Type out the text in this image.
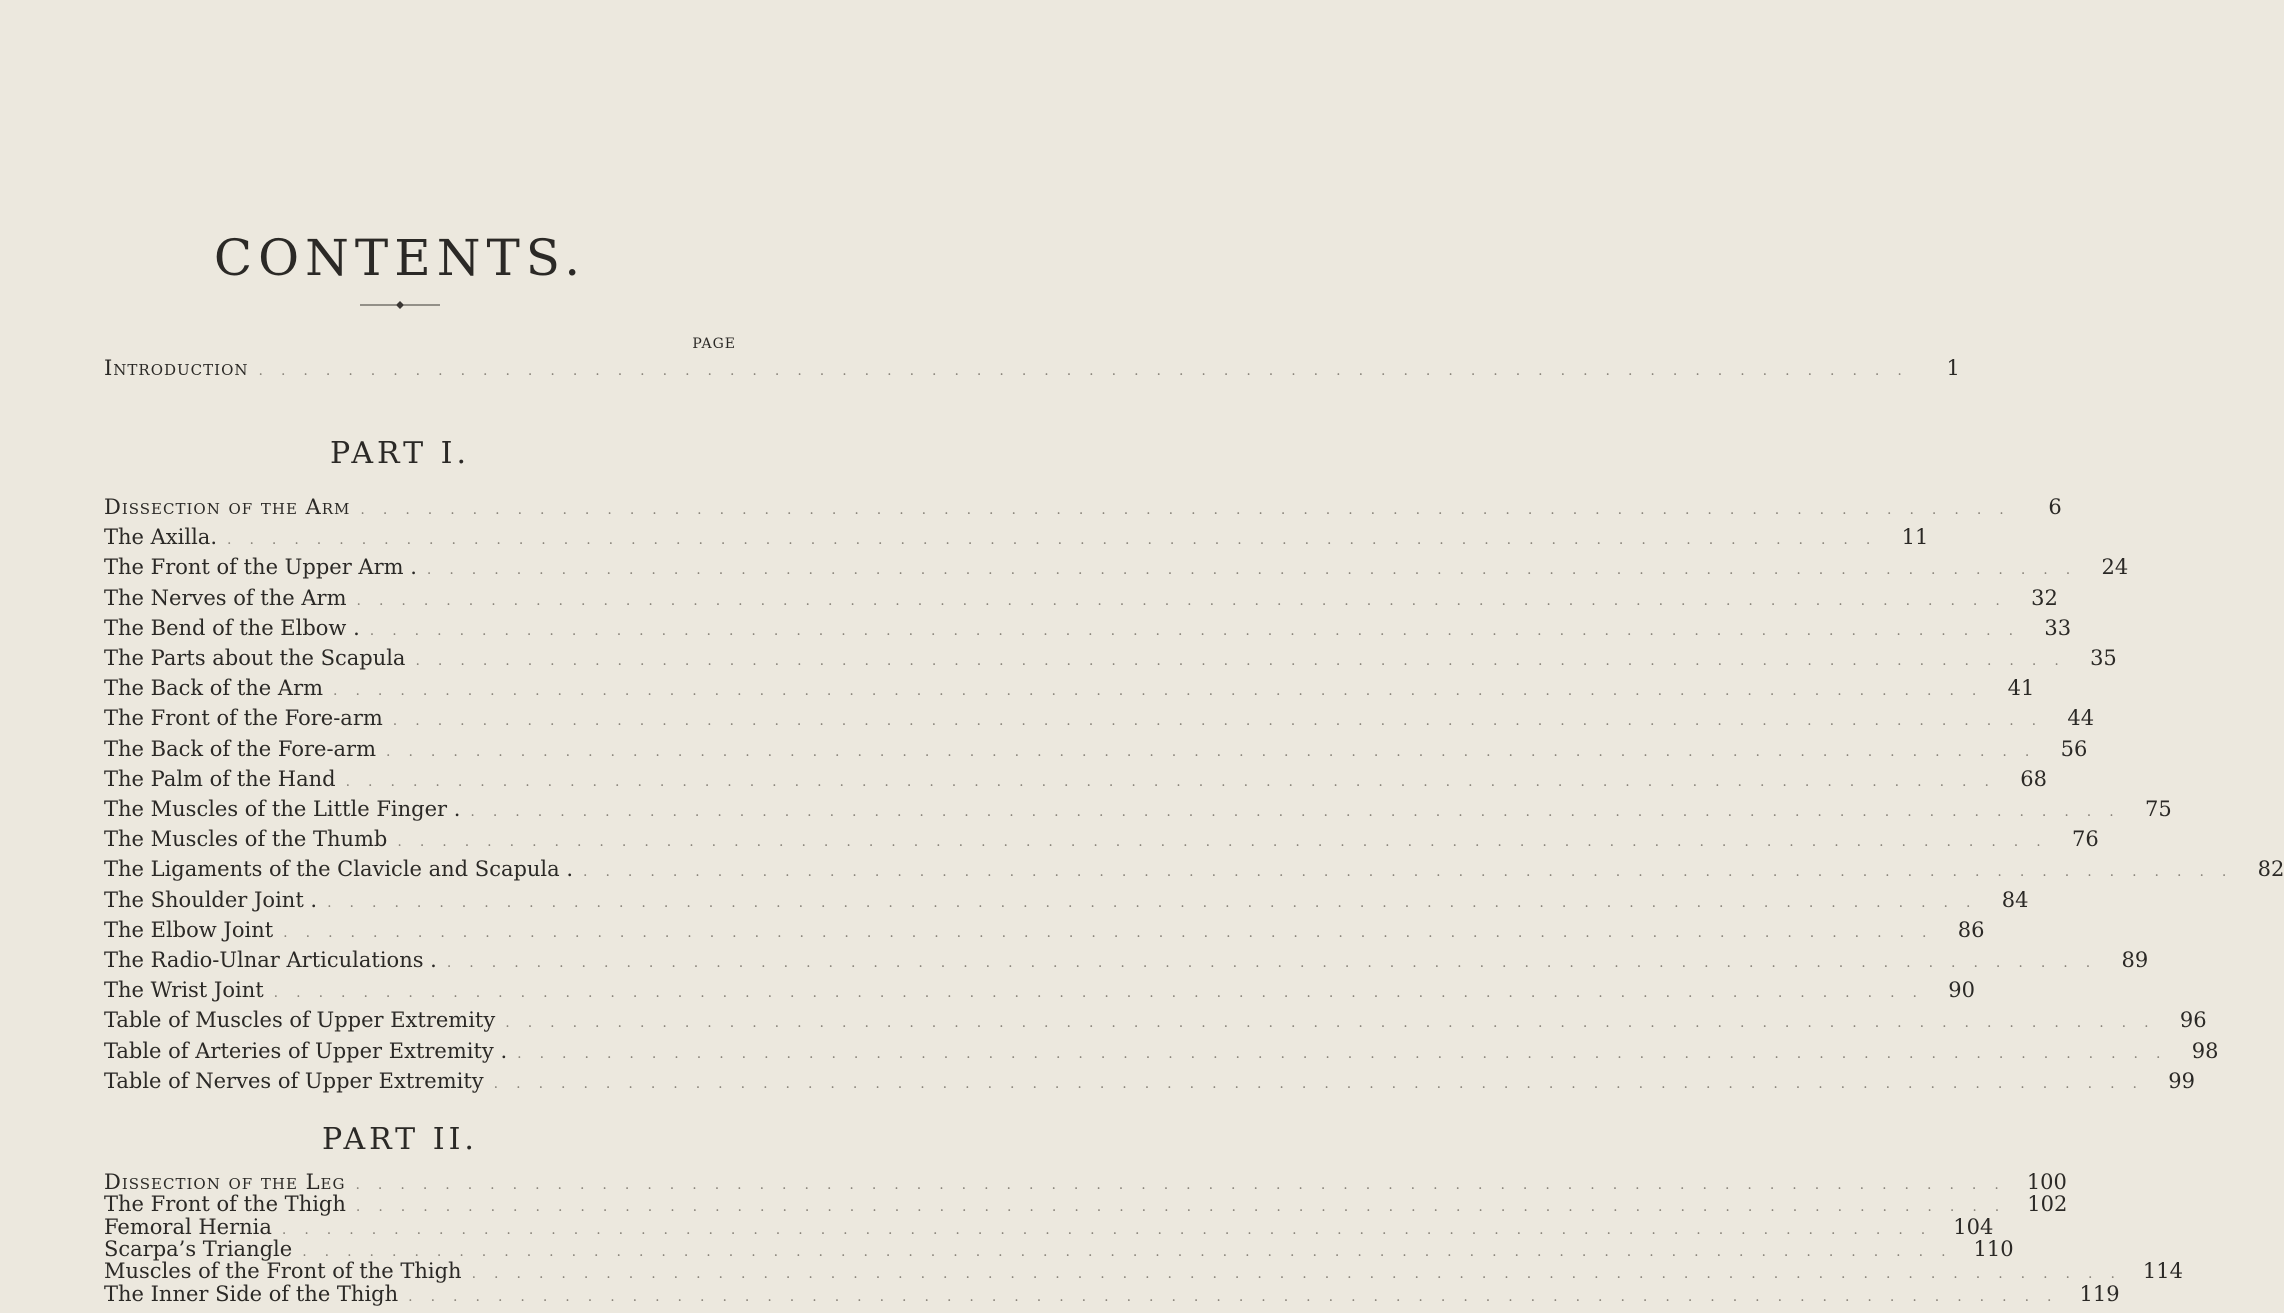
CONTENTS.
PAGE
Introduction ..........................................................................	1
PART I.
Dissection of the Arm ..........................................................................	6
The Axilla. .......................................................................... 11
The Front of the Upper Arm . .......................................................................... 24
The Nerves of the Arm .......................................................................... 32
The Bend of the Elbow . .......................................................................... 33
The Parts about the Scapula .......................................................................... 35
The Back of the Arm .......................................................................... 41
The Front of the Fore-arm .......................................................................... 44
The Back of the Fore-arm .......................................................................... 56
The Palm of the Hand .......................................................................... 68
The Muscles of the Little Finger . .......................................................................... 75
The Muscles of the Thumb .......................................................................... 76
The Ligaments of the Clavicle and Scapula . .......................................................................... 82
The Shoulder Joint . .......................................................................... 84
The Elbow Joint .......................................................................... 86
The Radio-Ulnar Articulations . .......................................................................... 89
The Wrist Joint .......................................................................... 90
Table of Muscles of Upper Extremity .......................................................................... 96
Table of Arteries of Upper Extremity . .......................................................................... 98
Table of Nerves of Upper Extremity .......................................................................... 99
PART II.
Dissection of the Leg .......................................................................... 100
The Front of the Thigh .......................................................................... 102
Femoral Hernia .......................................................................... 104
Scarpa’s Triangle .......................................................................... 110
Muscles of the Front of the Thigh .......................................................................... 114
The Inner Side of the Thigh .......................................................................... 119
